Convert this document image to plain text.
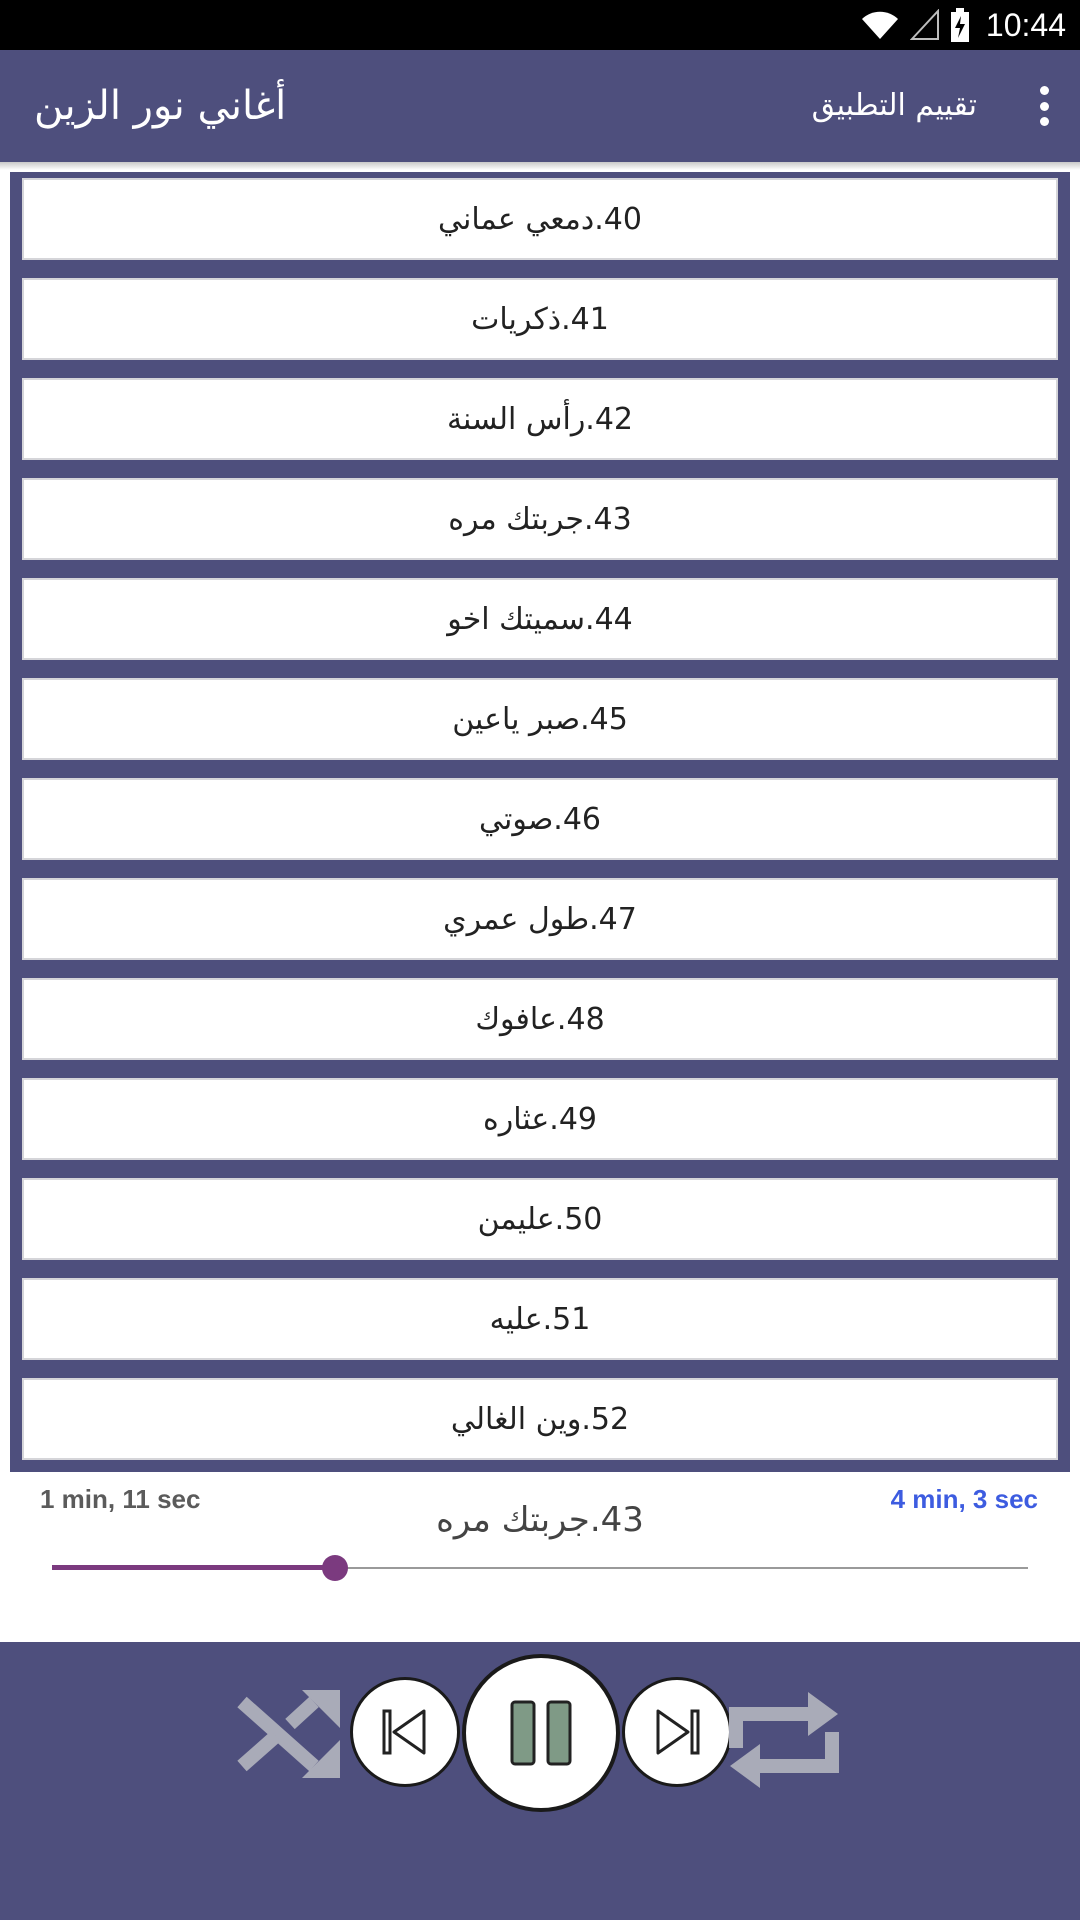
10:44
أغاني نور الزين	تقييم التطبيق
40.دمعي عماني
41.ذكريات
42.رأس السنة
43.جربتك مره
44.سميتك اخو
45.صبر ياعين
46.صوتي
47.طول عمري
48.عافوك
49.عثاره
50.عليمن
51.عليه
52.وين الغالي
1 min, 11 sec	4 min, 3 sec
43.جربتك مره
